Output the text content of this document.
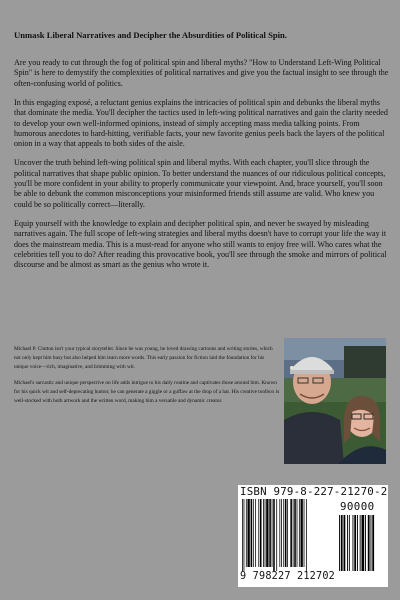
Unmask Liberal Narratives and Decipher the Absurdities of Political Spin.

Are you ready to cut through the fog of political spin and liberal myths? "How to Understand Left-Wing Political Spin" is here to demystify the complexities of political narratives and give you the factual insight to see through the often-confusing world of politics.

In this engaging exposé, a reluctant genius explains the intricacies of political spin and debunks the liberal myths that dominate the media. You'll decipher the tactics used in left-wing political narratives and gain the clarity needed to develop your own well-informed opinions, instead of simply accepting mass media talking points. From humorous anecdotes to hard-hitting, verifiable facts, your new favorite genius peels back the layers of the political onion in a way that appeals to both sides of the aisle.

Uncover the truth behind left-wing political spin and liberal myths. With each chapter, you'll slice through the political narratives that shape public opinion. To better understand the nuances of our ridiculous political concepts, you'll be more confident in your ability to properly communicate your viewpoint. And, brace yourself, you'll soon be able to debunk the common misconceptions your misinformed friends still assume are valid. Who knew you could be so politically correct—literally.

Equip yourself with the knowledge to explain and decipher political spin, and never be swayed by misleading narratives again. The full scope of left-wing strategies and liberal myths doesn't have to corrupt your life the way it does the mainstream media. This is a must-read for anyone who still wants to enjoy free will. Who cares what the celebrities tell you to do? After reading this provocative book, you'll see through the smoke and mirrors of political discourse and be almost as smart as the genius who wrote it.

Michael P. Clutton isn't your typical storyteller. Since he was young, he loved drawing cartoons and writing stories, which not only kept him busy but also helped him learn more words. This early passion for fiction laid the foundation for his unique voice—rich, imaginative, and brimming with wit.

Michael's sarcastic and unique perspective on life adds intrigue to his daily routine and captivates those around him. Known for his quick wit and self-deprecating humor, he can generate a giggle or a guffaw at the drop of a hat. His creative toolbox is well-stocked with both artwork and the written word, making him a versatile and dynamic creator.

ISBN 979-8-227-21270-2
90000
9 798227 212702
